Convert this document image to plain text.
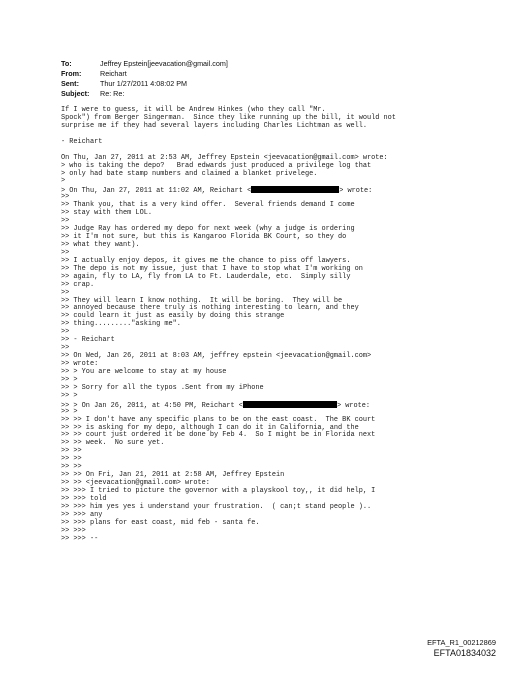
To:	Jeffrey Epstein[jeevacation@gmail.com]
From:	Reichart
Sent:	Thur 1/27/2011 4:08:02 PM
Subject:	Re: Re:
If I were to guess, it will be Andrew Hinkes (who they call "Mr.
Spock") from Berger Singerman.  Since they like running up the bill, it would not
surprise me if they had several layers including Charles Lichtman as well.
- Reichart
On Thu, Jan 27, 2011 at 2:53 AM, Jeffrey Epstein <jeevacation@gmail.com> wrote:
> who is taking the depo?   Brad edwards just produced a privilege log that
> only had bate stamp numbers and claimed a blanket privelege.
>
> On Thu, Jan 27, 2011 at 11:02 AM, Reichart <	> wrote:
>>
>> Thank you, that is a very kind offer.  Several friends demand I come
>> stay with them LOL.
>>
>> Judge Ray has ordered my depo for next week (why a judge is ordering
>> it I'm not sure, but this is Kangaroo Florida BK Court, so they do
>> what they want).
>>
>> I actually enjoy depos, it gives me the chance to piss off lawyers.
>> The depo is not my issue, just that I have to stop what I'm working on
>> again, fly to LA, fly from LA to Ft. Lauderdale, etc.  Simply silly
>> crap.
>>
>> They will learn I know nothing.  It will be boring.  They will be
>> annoyed because there truly is nothing interesting to learn, and they
>> could learn it just as easily by doing this strange
>> thing........."asking me".
>>
>> - Reichart
>>
>> On Wed, Jan 26, 2011 at 8:03 AM, jeffrey epstein <jeevacation@gmail.com>
>> wrote:
>> > You are welcome to stay at my house
>> >
>> > Sorry for all the typos .Sent from my iPhone
>> >
>> > On Jan 26, 2011, at 4:50 PM, Reichart <	> wrote:
>> >
>> >> I don't have any specific plans to be on the east coast.  The BK court
>> >> is asking for my depo, although I can do it in California, and the
>> >> court just ordered it be done by Feb 4.  So I might be in Florida next
>> >> week.  No sure yet.
>> >>
>> >>
>> >>
>> >> On Fri, Jan 21, 2011 at 2:58 AM, Jeffrey Epstein
>> >> <jeevacation@gmail.com> wrote:
>> >>> I tried to picture the governor with a playskool toy,, it did help, I
>> >>> told
>> >>> him yes yes i understand your frustration.  ( can;t stand people )..
>> >>> any
>> >>> plans for east coast, mid feb - santa fe.
>> >>>
>> >>> --
EFTA_R1_00212869
EFTA01834032
